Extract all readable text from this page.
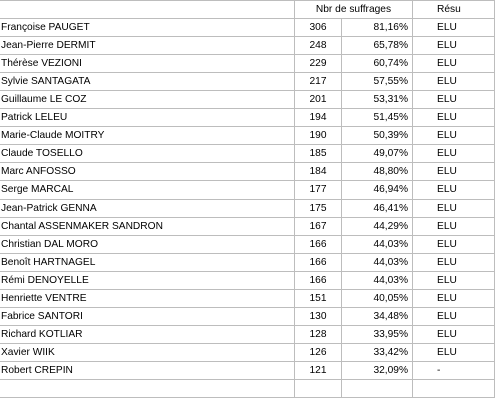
	Nbr de suffrages		Résu
Françoise PAUGET	306	81,16%	ELU
Jean-Pierre DERMIT	248	65,78%	ELU
Thérèse VEZIONI	229	60,74%	ELU
Sylvie SANTAGATA	217	57,55%	ELU
Guillaume LE COZ	201	53,31%	ELU
Patrick LELEU	194	51,45%	ELU
Marie-Claude MOITRY	190	50,39%	ELU
Claude TOSELLO	185	49,07%	ELU
Marc ANFOSSO	184	48,80%	ELU
Serge MARCAL	177	46,94%	ELU
Jean-Patrick GENNA	175	46,41%	ELU
Chantal ASSENMAKER SANDRON	167	44,29%	ELU
Christian DAL MORO	166	44,03%	ELU
Benoît HARTNAGEL	166	44,03%	ELU
Rémi DENOYELLE	166	44,03%	ELU
Henriette VENTRE	151	40,05%	ELU
Fabrice SANTORI	130	34,48%	ELU
Richard KOTLIAR	128	33,95%	ELU
Xavier WIIK	126	33,42%	ELU
Robert CREPIN	121	32,09%	-
